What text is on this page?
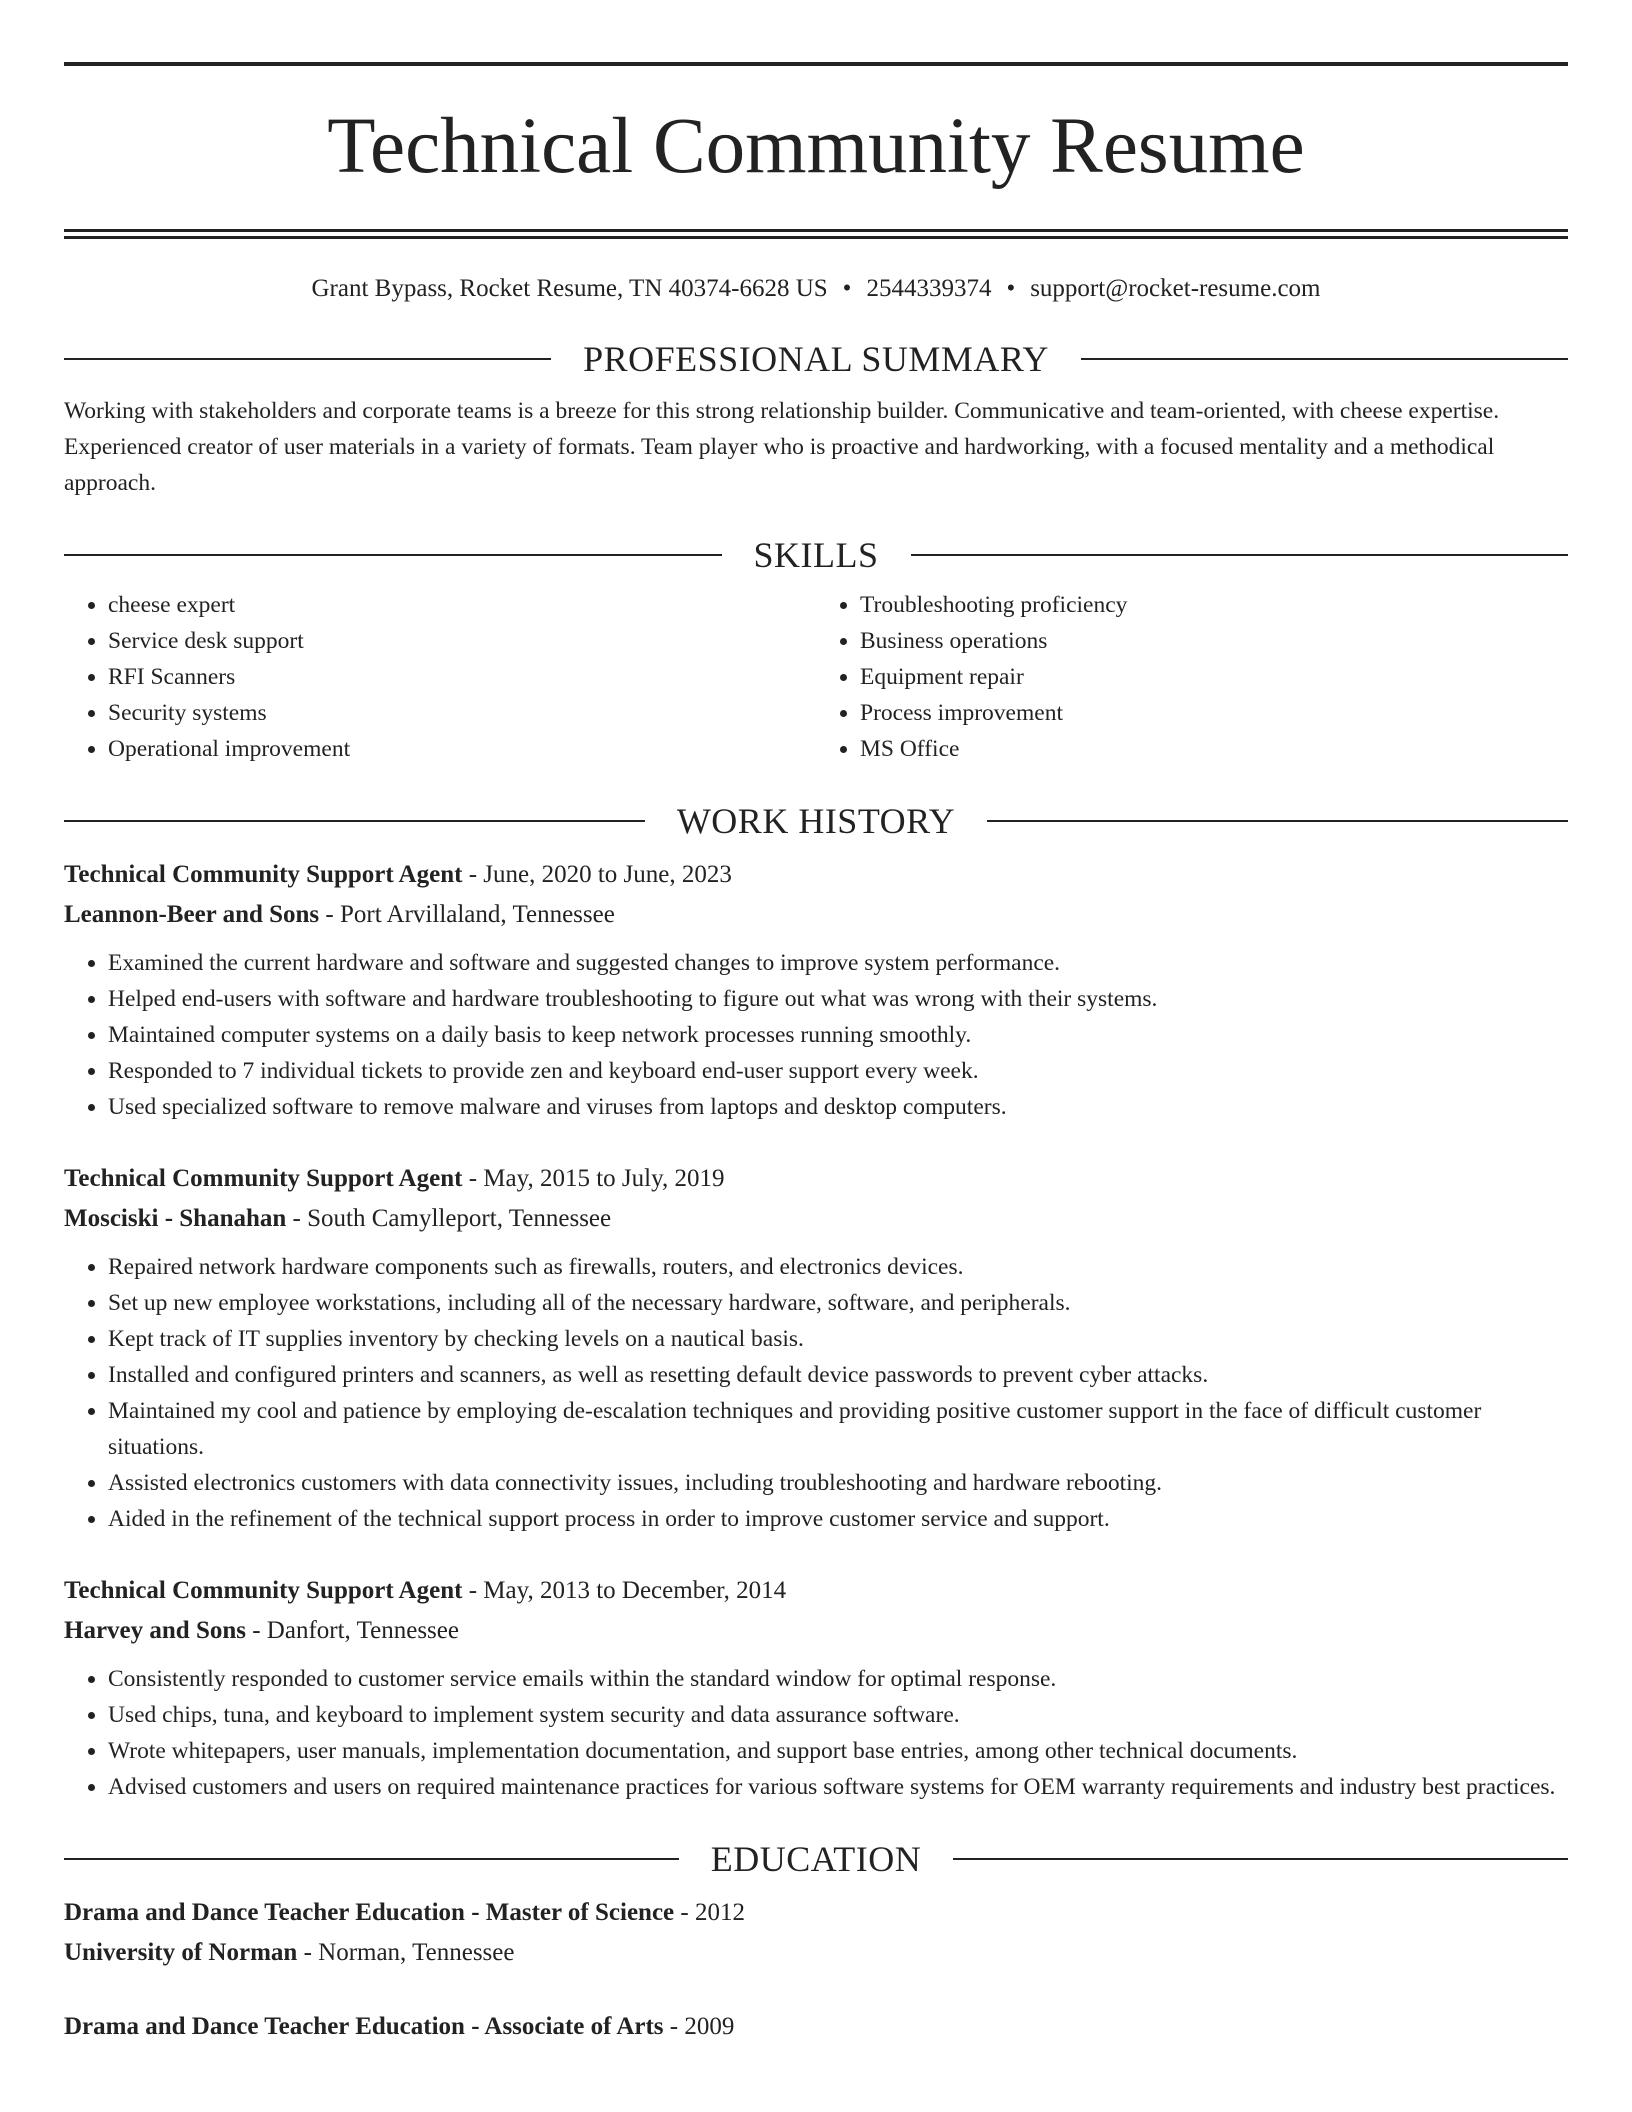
Technical Community Resume
Grant Bypass, Rocket Resume, TN 40374-6628 US • 2544339374 • support@rocket-resume.com
PROFESSIONAL SUMMARY
Working with stakeholders and corporate teams is a breeze for this strong relationship builder. Communicative and team-oriented, with cheese expertise. Experienced creator of user materials in a variety of formats. Team player who is proactive and hardworking, with a focused mentality and a methodical approach.
SKILLS
• cheese expert
• Service desk support
• RFI Scanners
• Security systems
• Operational improvement
• Troubleshooting proficiency
• Business operations
• Equipment repair
• Process improvement
• MS Office
WORK HISTORY
Technical Community Support Agent - June, 2020 to June, 2023
Leannon-Beer and Sons - Port Arvillaland, Tennessee
• Examined the current hardware and software and suggested changes to improve system performance.
• Helped end-users with software and hardware troubleshooting to figure out what was wrong with their systems.
• Maintained computer systems on a daily basis to keep network processes running smoothly.
• Responded to 7 individual tickets to provide zen and keyboard end-user support every week.
• Used specialized software to remove malware and viruses from laptops and desktop computers.
Technical Community Support Agent - May, 2015 to July, 2019
Mosciski - Shanahan - South Camylleport, Tennessee
• Repaired network hardware components such as firewalls, routers, and electronics devices.
• Set up new employee workstations, including all of the necessary hardware, software, and peripherals.
• Kept track of IT supplies inventory by checking levels on a nautical basis.
• Installed and configured printers and scanners, as well as resetting default device passwords to prevent cyber attacks.
• Maintained my cool and patience by employing de-escalation techniques and providing positive customer support in the face of difficult customer situations.
• Assisted electronics customers with data connectivity issues, including troubleshooting and hardware rebooting.
• Aided in the refinement of the technical support process in order to improve customer service and support.
Technical Community Support Agent - May, 2013 to December, 2014
Harvey and Sons - Danfort, Tennessee
• Consistently responded to customer service emails within the standard window for optimal response.
• Used chips, tuna, and keyboard to implement system security and data assurance software.
• Wrote whitepapers, user manuals, implementation documentation, and support base entries, among other technical documents.
• Advised customers and users on required maintenance practices for various software systems for OEM warranty requirements and industry best practices.
EDUCATION
Drama and Dance Teacher Education - Master of Science - 2012
University of Norman - Norman, Tennessee
Drama and Dance Teacher Education - Associate of Arts - 2009
